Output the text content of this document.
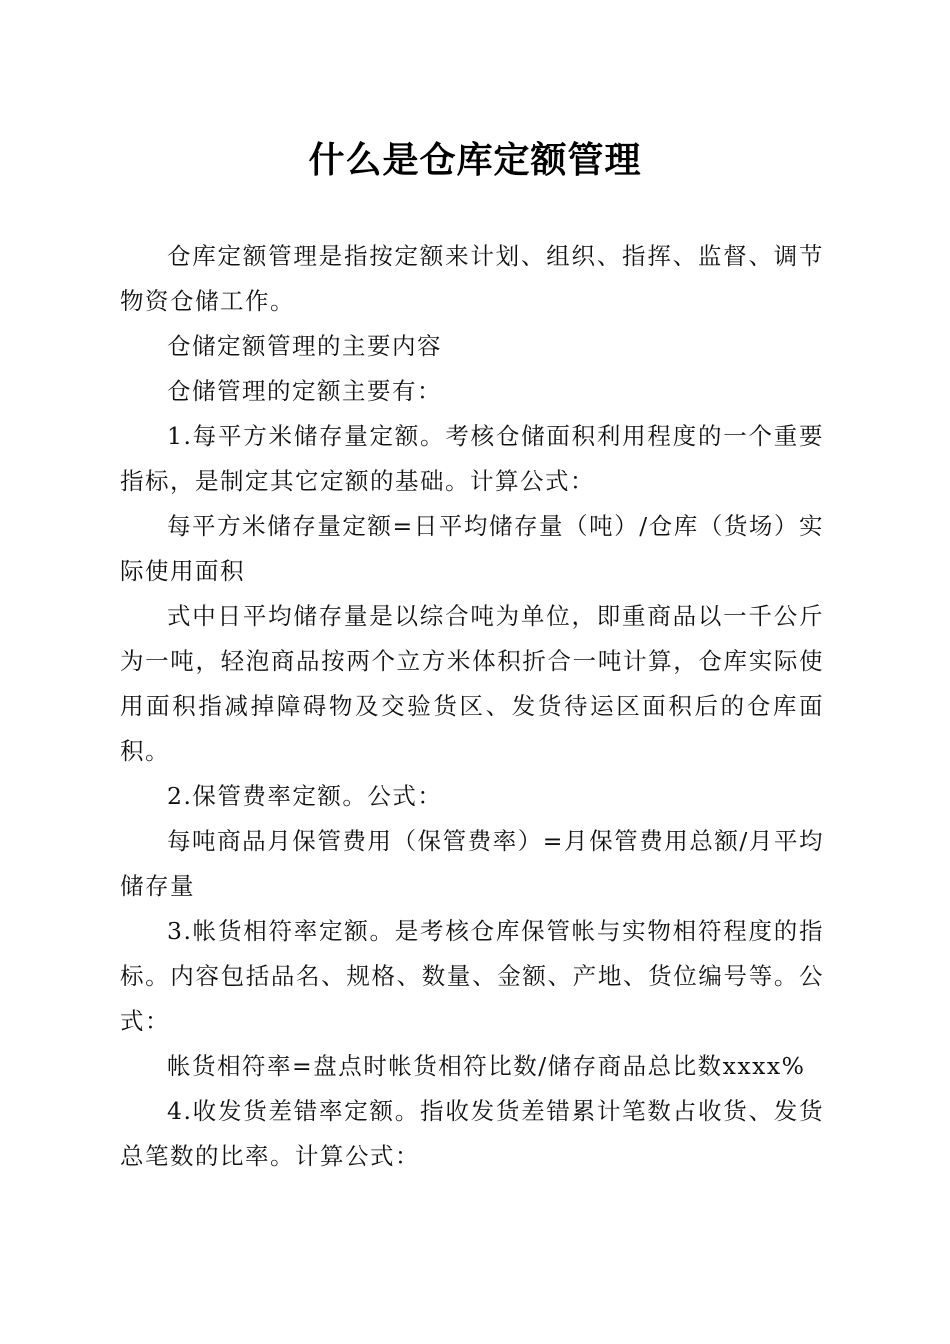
什么是仓库定额管理

仓库定额管理是指按定额来计划、组织、指挥、监督、调节物资仓储工作。

仓储定额管理的主要内容

仓储管理的定额主要有：

1.每平方米储存量定额。考核仓储面积利用程度的一个重要指标，是制定其它定额的基础。计算公式：

每平方米储存量定额=日平均储存量（吨）/仓库（货场）实际使用面积

式中日平均储存量是以综合吨为单位，即重商品以一千公斤为一吨，轻泡商品按两个立方米体积折合一吨计算，仓库实际使用面积指减掉障碍物及交验货区、发货待运区面积后的仓库面积。

2.保管费率定额。公式：

每吨商品月保管费用（保管费率）=月保管费用总额/月平均储存量

3.帐货相符率定额。是考核仓库保管帐与实物相符程度的指标。内容包括品名、规格、数量、金额、产地、货位编号等。公式：

帐货相符率=盘点时帐货相符比数/储存商品总比数xxxx%

4.收发货差错率定额。指收发货差错累计笔数占收货、发货总笔数的比率。计算公式：
